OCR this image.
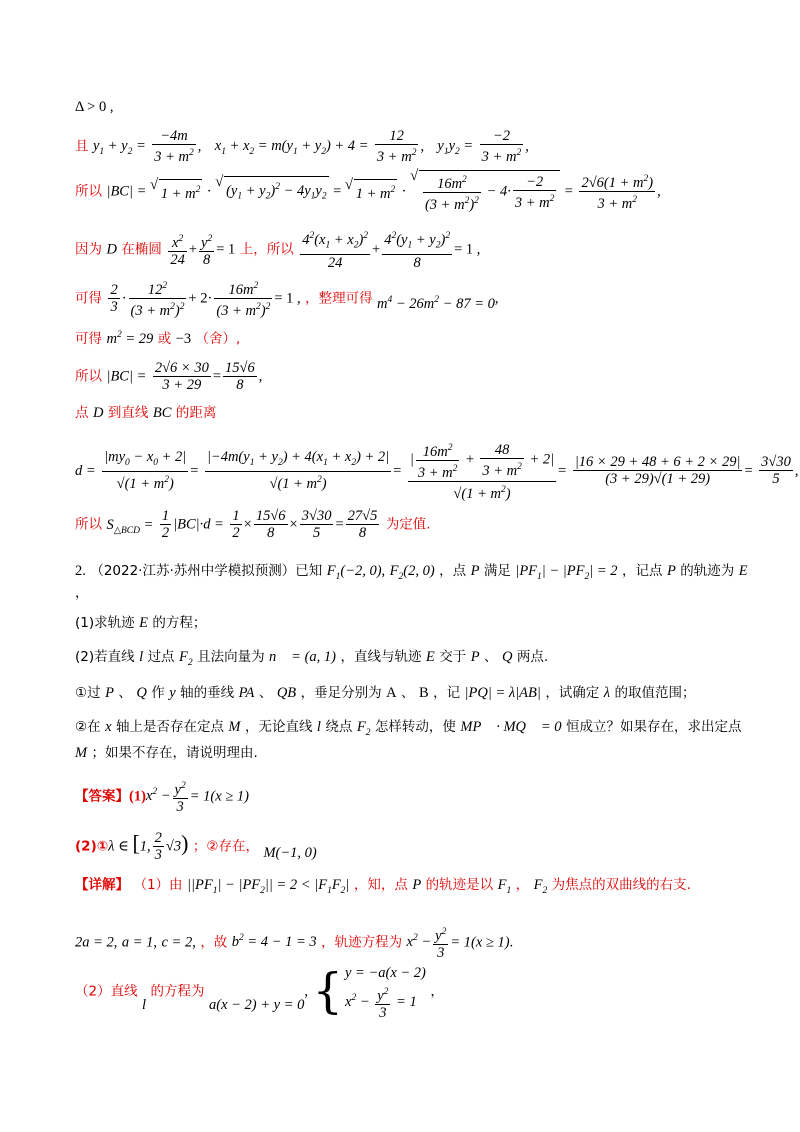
Δ > 0 ,
且 $y_1 + y_2 = \frac{-4m}{3 + m^2}$ , $x_1 + x_2 = m(y_1 + y_2) + 4 = \frac{12}{3 + m^2}$ , $y_1y_2 = \frac{-2}{3 + m^2}$ ,
所以 |BC| = √ $1 + m^2$ · √ $(y_1 + y_2)^2 - 4y_1y_2$ = √ $1 + m^2$ · √ $\frac{16m^2}{(3 + m^2)^2} - 4\cdot \frac{-2}{3 + m^2} = \frac{2√6(1 + m^2)}{3 + m^2}$ ,
因为 D 在椭圆 $\frac{x^2}{24} + \frac{y^2}{8} = 1$ 上，所以 $\frac{4^2(x_1 + x_2)^2}{24} + \frac{4^2(y_1 + y_2)^2}{8} = 1$ ,
可得 $\frac{2}{3} \cdot \frac{12^2}{(3 + m^2)^2} + 2\cdot \frac{16m^2}{(3 + m^2)^2} = 1$ , ，整理可得 $m^4 - 26m^2 - 87 = 0$,
可得 $m^2 = 29$ 或 −3 （舍）,
所以 $|BC| = \frac{2√6 \times 30}{3 + 29} = \frac{15√6}{8}$ ,
点 D 到直线 BC 的距离
$d = \frac{|my_0 - x_0 + 2|}{√(1 + m^2)} = \frac{|-4m(y_1 + y_2) + 4(x_1 + x_2) + 2|}{√(1 + m^2)} = \frac{| \frac{16m^2}{3 + m^2} + \frac{48}{3 + m^2} + 2|}{√(1 + m^2)} = \frac{|16 \times 29 + 48 + 6 + 2 \times 29|}{(3 + 29)√(1 + 29)} = \frac{3√30}{5}$ ,
所以 $S_{\triangle BCD} = \frac{1}{2} |BC|\cdot d = \frac{1}{2} \times \frac{15√6}{8} \times \frac{3√30}{5} = \frac{27√5}{8}$ 为定值.
2. （2022·江苏·苏州中学模拟预测）已知 $F_1(-2$, 0), $F_2(2$, 0) ，点 P 满足 $|PF_1| - |PF_2| = 2$ ，记点 P 的轨迹为 E
，
(1)求轨迹 E 的方程；
(2)若直线 l 过点 $F_2$ 且法向量为 n⃗ = (a, 1) ，直线与轨迹 E 交于 P 、 Q 两点.
①过 P 、 Q 作 y 轴的垂线 PA 、 QB ，垂足分别为 A 、 B ，记 |PQ| = λ|AB| ，试确定 λ 的取值范围；
②在 x 轴上是否存在定点 M ，无论直线 l 绕点 $F_2$ 怎样转动，使 MP⃗ · MQ⃗ = 0 恒成立？如果存在，求出定点
M ；如果不存在，请说明理由.
【答案】$(1)x^2 - \frac{y^2}{3} = 1(x \ge 1)$
(2)①λ ∈ [1, $\frac{2}{3} √3$) ；②存在， M(−1, 0)
【详解】 （1）由 $||PF_1| - |PF_2|| = 2 < |F_1F_2|$ ，知，点 P 的轨迹是以 $F_1$ ， $F_2$ 为焦点的双曲线的右支.
2a = 2, a = 1, c = 2, ，故 $b^2 = 4 - 1 = 3$ ，轨迹方程为 $x^2 - \frac{y^2}{3} = 1(x \ge 1)$.
（2）直线 l 的方程为 a(x − 2) + y = 0, { y = −a(x − 2)
$x^2 - \frac{y^2}{3} = 1$
，
